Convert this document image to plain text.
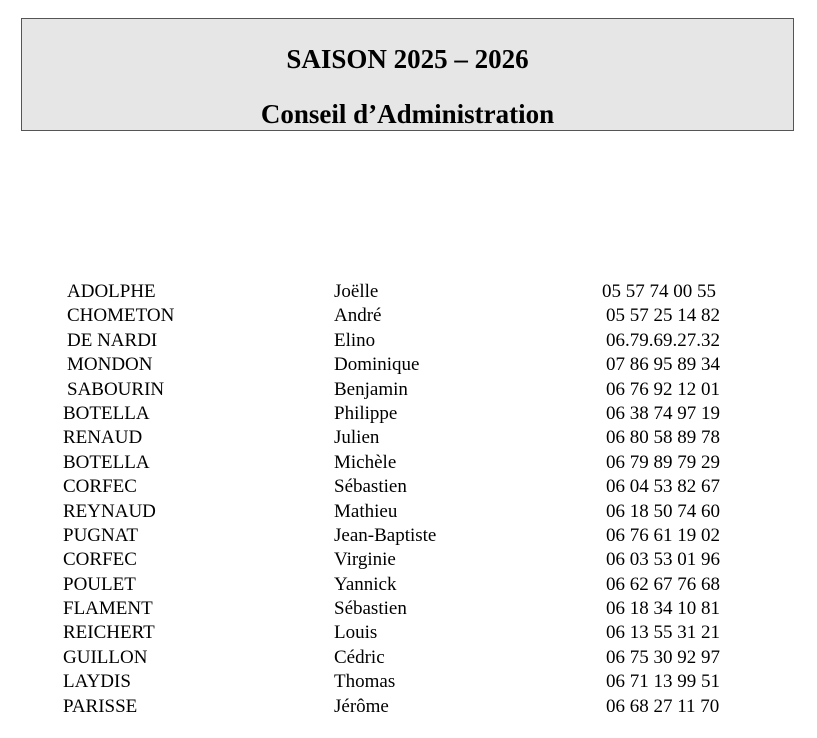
SAISON 2025 – 2026
Conseil d’Administration
ADOLPHE	Joëlle	05 57 74 00 55
CHOMETON	André	05 57 25 14 82
DE NARDI	Elino	06.79.69.27.32
MONDON	Dominique	07 86 95 89 34
SABOURIN	Benjamin	06 76 92 12 01
BOTELLA	Philippe	06 38 74 97 19
RENAUD	Julien	06 80 58 89 78
BOTELLA	Michèle	06 79 89 79 29
CORFEC	Sébastien	06 04 53 82 67
REYNAUD	Mathieu	06 18 50 74 60
PUGNAT	Jean-Baptiste	06 76 61 19 02
CORFEC	Virginie	06 03 53 01 96
POULET	Yannick	06 62 67 76 68
FLAMENT	Sébastien	06 18 34 10 81
REICHERT	Louis	06 13 55 31 21
GUILLON	Cédric	06 75 30 92 97
LAYDIS	Thomas	06 71 13 99 51
PARISSE	Jérôme	06 68 27 11 70
